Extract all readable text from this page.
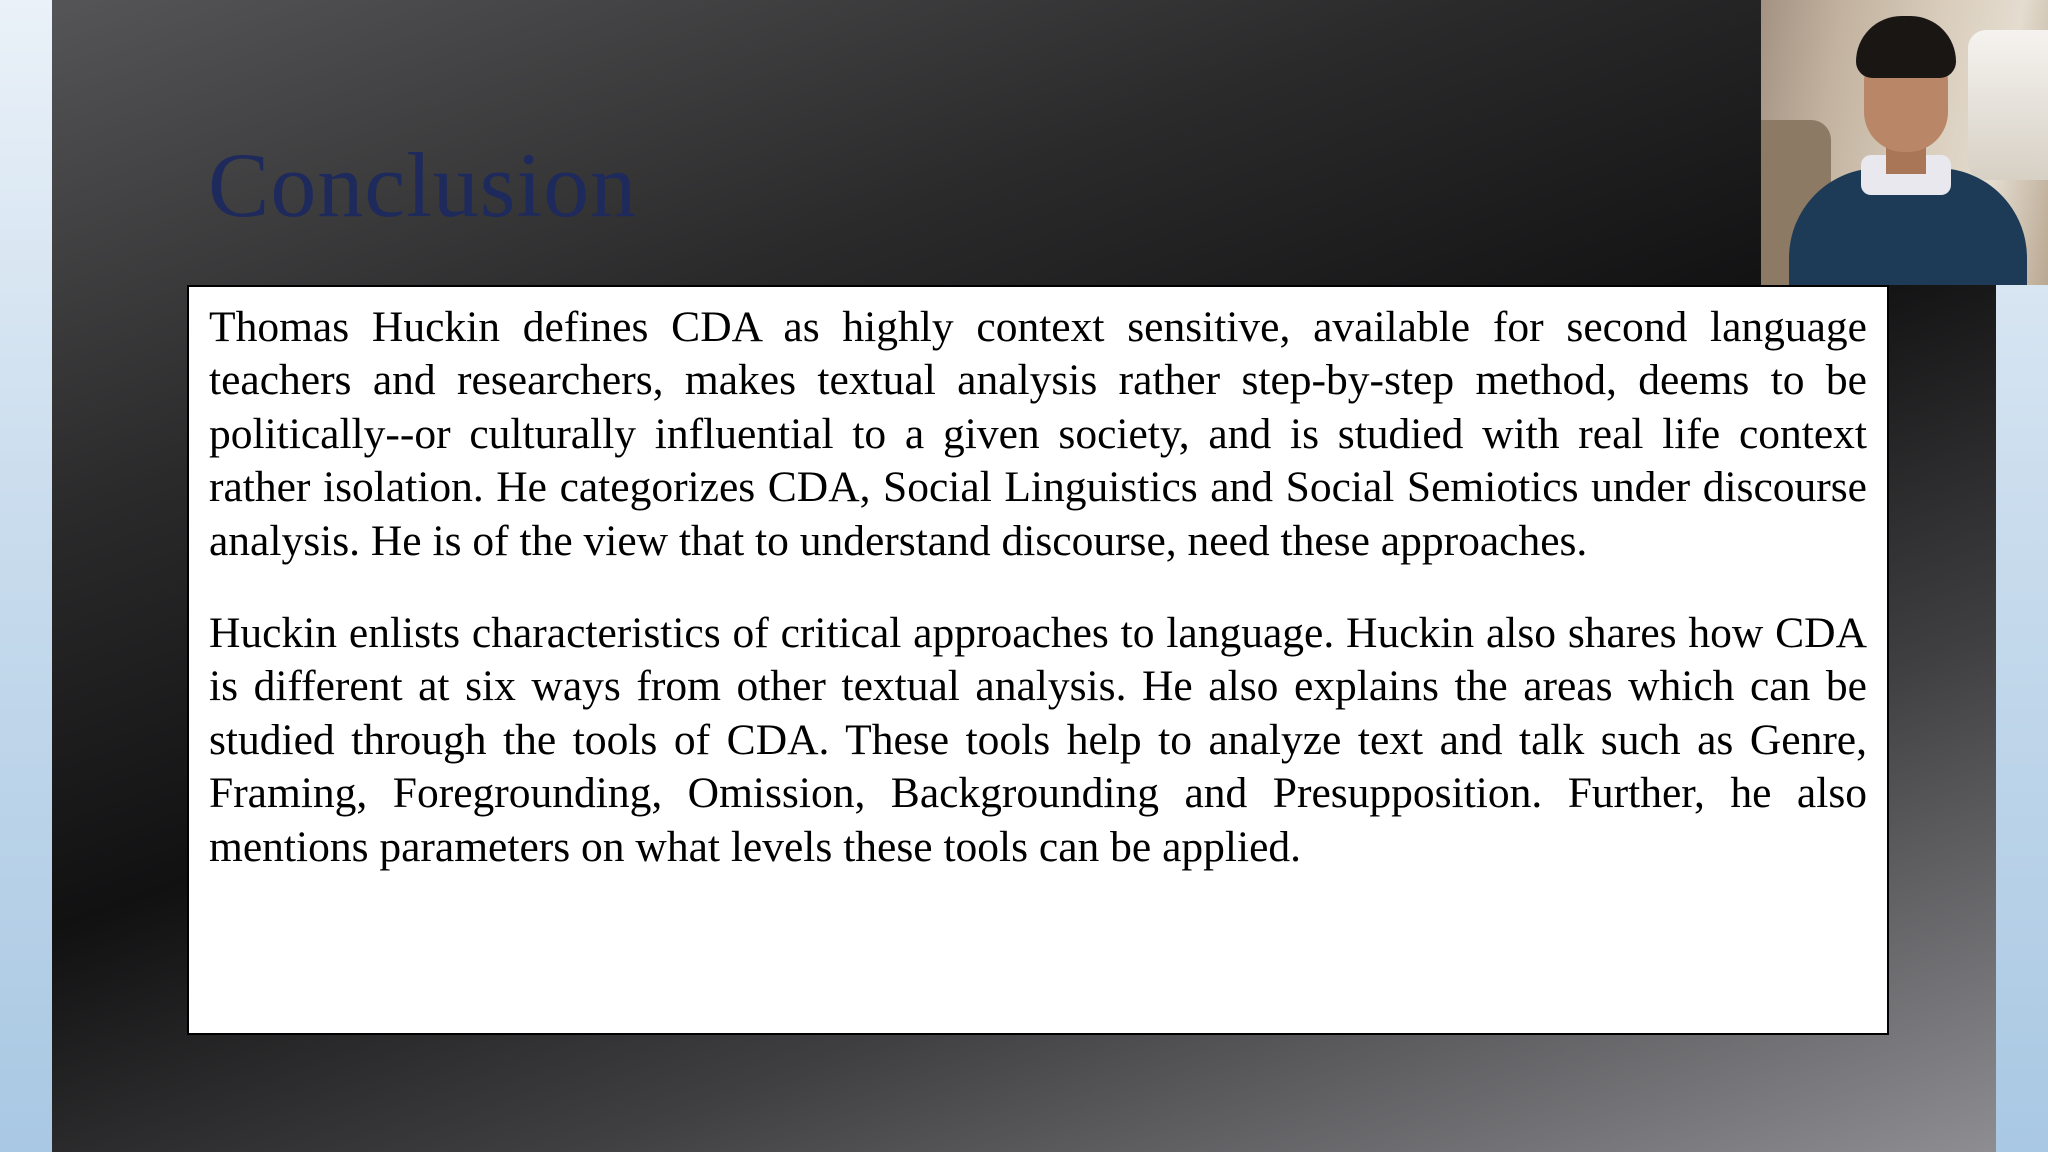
Conclusion

Thomas Huckin defines CDA as highly context sensitive, available for second language teachers and researchers, makes textual analysis rather step-by-step method, deems to be politically--or culturally influential to a given society, and is studied with real life context rather isolation. He categorizes CDA, Social Linguistics and Social Semiotics under discourse analysis. He is of the view that to understand discourse, need these approaches.

Huckin enlists characteristics of critical approaches to language. Huckin also shares how CDA is different at six ways from other textual analysis. He also explains the areas which can be studied through the tools of CDA. These tools help to analyze text and talk such as Genre, Framing, Foregrounding, Omission, Backgrounding and Presupposition. Further, he also mentions parameters on what levels these tools can be applied.
